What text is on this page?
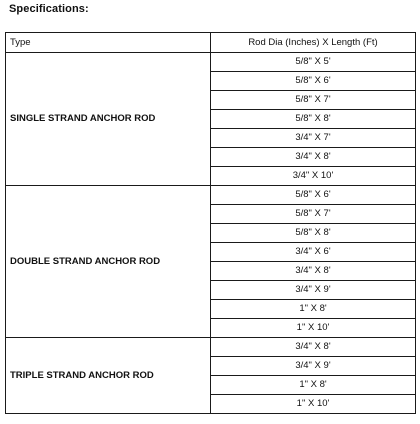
Specifications:
Type	Rod Dia (Inches) X Length (Ft)
SINGLE STRAND ANCHOR ROD	5/8" X 5'
	5/8" X 6'
	5/8" X 7'
	5/8" X 8'
	3/4" X 7'
	3/4" X 8'
	3/4" X 10'
DOUBLE STRAND ANCHOR ROD	5/8" X 6'
	5/8" X 7'
	5/8" X 8'
	3/4" X 6'
	3/4" X 8'
	3/4" X 9'
	1" X 8'
	1" X 10'
TRIPLE STRAND ANCHOR ROD	3/4" X 8'
	3/4" X 9'
	1" X 8'
	1" X 10'
